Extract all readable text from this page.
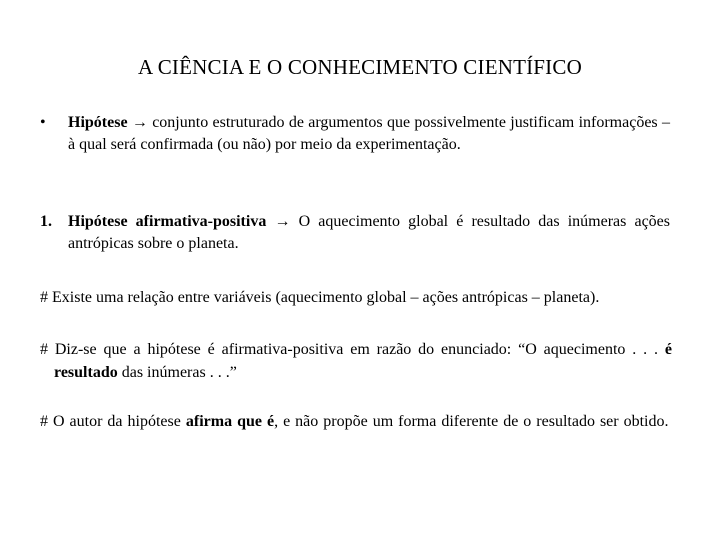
A CIÊNCIA E O CONHECIMENTO CIENTÍFICO
• Hipótese → conjunto estruturado de argumentos que possivelmente justificam informações – à qual será confirmada (ou não) por meio da experimentação.
1. Hipótese afirmativa-positiva → O aquecimento global é resultado das inúmeras ações antrópicas sobre o planeta.
# Existe uma relação entre variáveis (aquecimento global – ações antrópicas – planeta).
# Diz-se que a hipótese é afirmativa-positiva em razão do enunciado: “O aquecimento . . . é resultado das inúmeras . . .”
# O autor da hipótese afirma que é, e não propõe um forma diferente de o resultado ser obtido.
